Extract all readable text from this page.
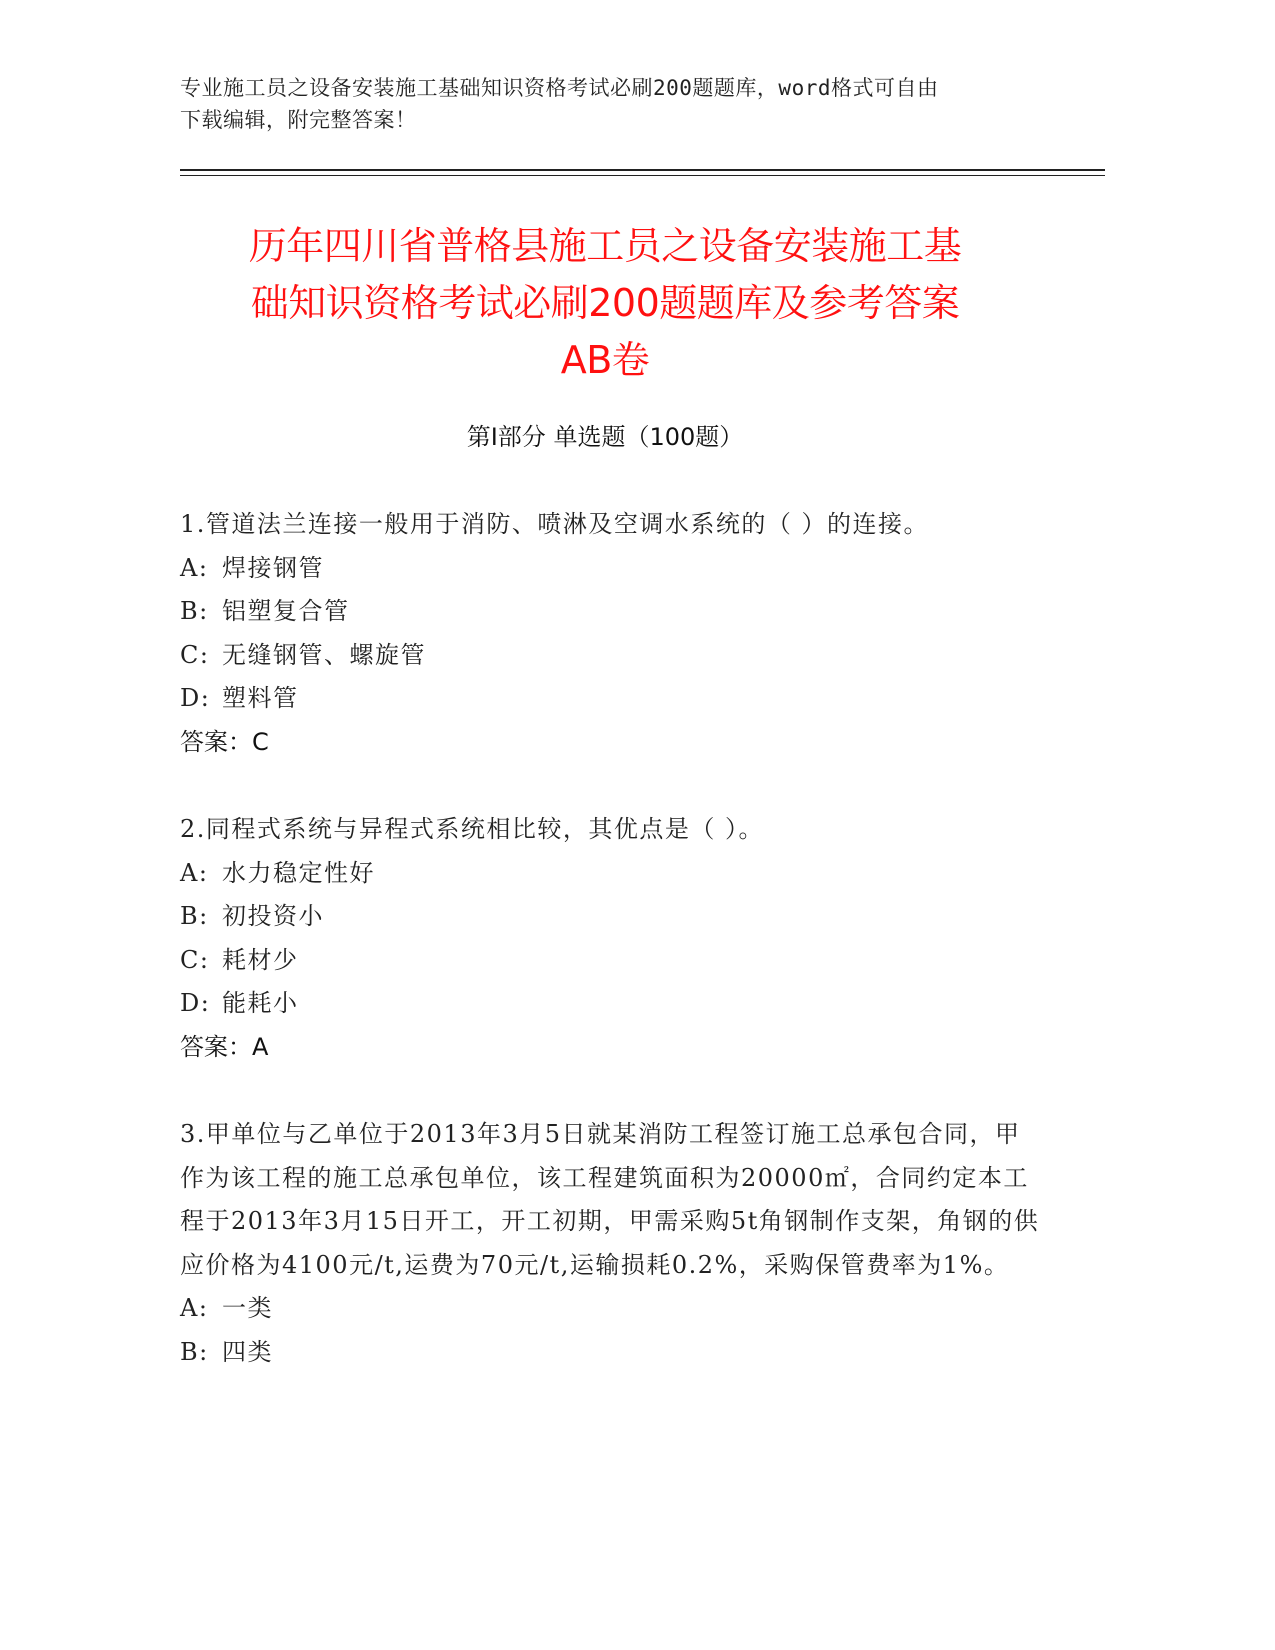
专业施工员之设备安装施工基础知识资格考试必刷200题题库，word格式可自由
下载编辑，附完整答案！
历年四川省普格县施工员之设备安装施工基
础知识资格考试必刷200题题库及参考答案
AB卷
第Ⅰ部分 单选题（100题）
1.管道法兰连接一般用于消防、喷淋及空调水系统的（ ）的连接。
A: 焊接钢管
B: 铝塑复合管
C: 无缝钢管、螺旋管
D: 塑料管
答案：C
2.同程式系统与异程式系统相比较，其优点是（ ）。
A: 水力稳定性好
B: 初投资小
C: 耗材少
D: 能耗小
答案：A
3.甲单位与乙单位于2013年3月5日就某消防工程签订施工总承包合同，甲作为该工程的施工总承包单位，该工程建筑面积为20000㎡，合同约定本工程于2013年3月15日开工，开工初期，甲需采购5t角钢制作支架，角钢的供应价格为4100元/t,运费为70元/t,运输损耗0.2%，采购保管费率为1%。
A: 一类
B: 四类
